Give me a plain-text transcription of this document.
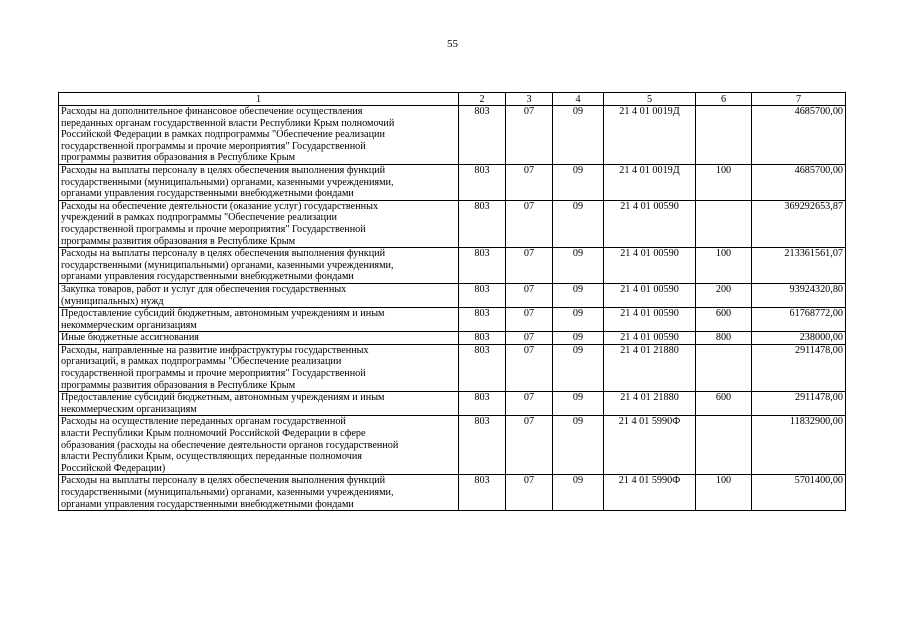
55
1	2	3	4	5	6	7
Расходы на дополнительное финансовое обеспечение осуществления
переданных органам государственной власти Республики Крым полномочий
Российской Федерации в рамках подпрограммы "Обеспечение реализации
государственной программы и прочие мероприятия" Государственной
программы развития образования в Республике Крым	803	07	09	21 4 01 0019Д		4685700,00
Расходы на выплаты персоналу в целях обеспечения выполнения функций
государственными (муниципальными) органами, казенными учреждениями,
органами управления государственными внебюджетными фондами	803	07	09	21 4 01 0019Д	100	4685700,00
Расходы на обеспечение деятельности (оказание услуг) государственных
учреждений в рамках подпрограммы "Обеспечение реализации
государственной программы и прочие мероприятия" Государственной
программы развития образования в Республике Крым	803	07	09	21 4 01 00590		369292653,87
Расходы на выплаты персоналу в целях обеспечения выполнения функций
государственными (муниципальными) органами, казенными учреждениями,
органами управления государственными внебюджетными фондами	803	07	09	21 4 01 00590	100	213361561,07
Закупка товаров, работ и услуг для обеспечения государственных
(муниципальных) нужд	803	07	09	21 4 01 00590	200	93924320,80
Предоставление субсидий бюджетным, автономным учреждениям и иным
некоммерческим организациям	803	07	09	21 4 01 00590	600	61768772,00
Иные бюджетные ассигнования	803	07	09	21 4 01 00590	800	238000,00
Расходы, направленные на развитие инфраструктуры государственных
организаций, в рамках подпрограммы "Обеспечение реализации
государственной программы и прочие мероприятия" Государственной
программы развития образования в Республике Крым	803	07	09	21 4 01 21880		2911478,00
Предоставление субсидий бюджетным, автономным учреждениям и иным
некоммерческим организациям	803	07	09	21 4 01 21880	600	2911478,00
Расходы на осуществление переданных органам государственной
власти Республики Крым полномочий Российской Федерации в сфере
образования (расходы на обеспечение деятельности органов государственной
власти Республики Крым, осуществляющих переданные полномочия
Российской Федерации)	803	07	09	21 4 01 5990Ф		11832900,00
Расходы на выплаты персоналу в целях обеспечения выполнения функций
государственными (муниципальными) органами, казенными учреждениями,
органами управления государственными внебюджетными фондами	803	07	09	21 4 01 5990Ф	100	5701400,00
